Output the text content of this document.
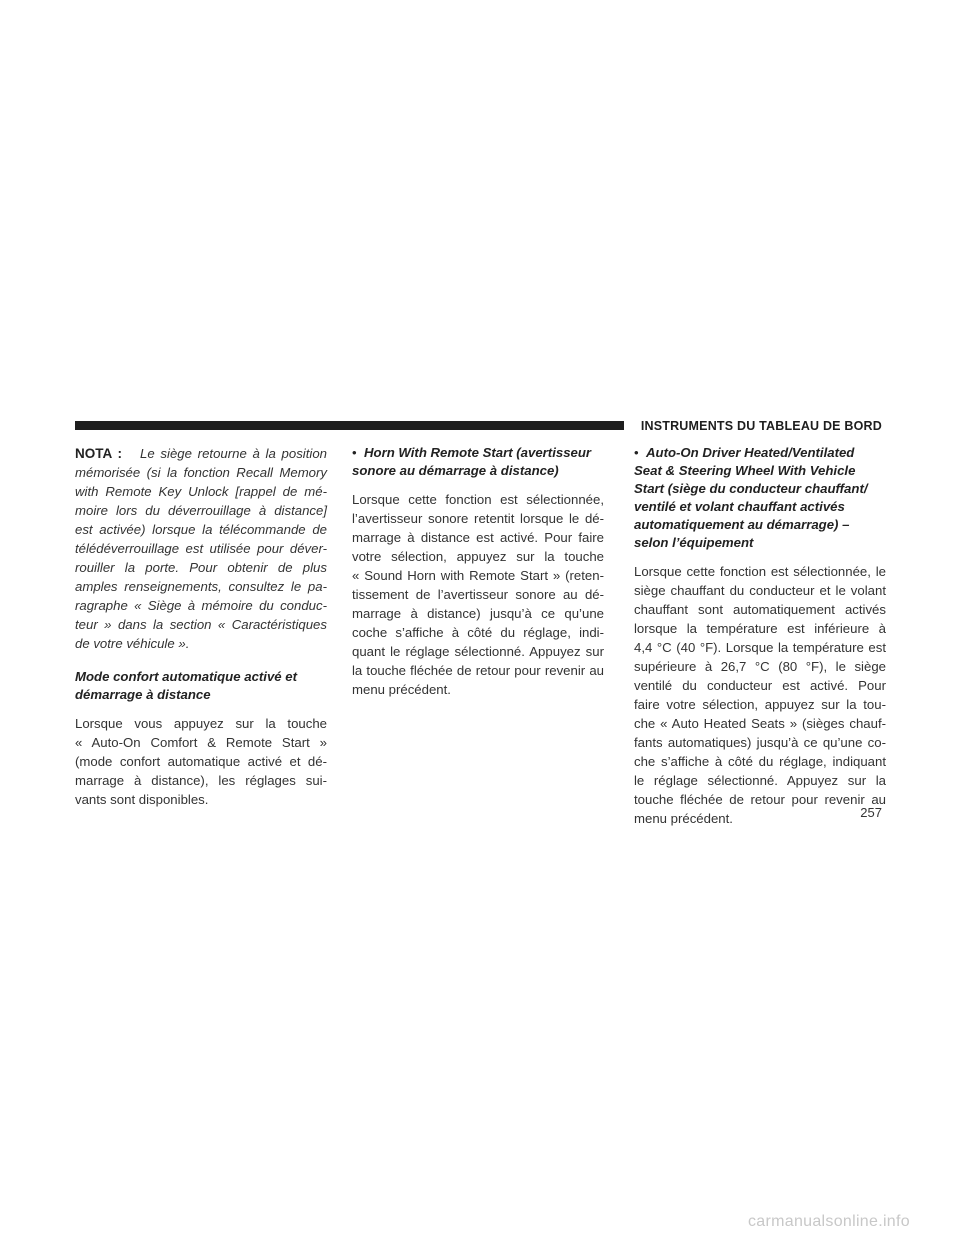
INSTRUMENTS DU TABLEAU DE BORD
NOTA : Le siège retourne à la position
mémorisée (si la fonction Recall Memory
with Remote Key Unlock [rappel de mé-
moire lors du déverrouillage à distance]
est activée) lorsque la télécommande de
télédéverrouillage est utilisée pour déver-
rouiller la porte. Pour obtenir de plus
amples renseignements, consultez le pa-
ragraphe « Siège à mémoire du conduc-
teur » dans la section « Caractéristiques
de votre véhicule ».
Mode confort automatique activé et
démarrage à distance
Lorsque vous appuyez sur la touche
« Auto-On Comfort & Remote Start »
(mode confort automatique activé et dé-
marrage à distance), les réglages sui-
vants sont disponibles.
• Horn With Remote Start (avertisseur
sonore au démarrage à distance)
Lorsque cette fonction est sélectionnée,
l’avertisseur sonore retentit lorsque le dé-
marrage à distance est activé. Pour faire
votre sélection, appuyez sur la touche
« Sound Horn with Remote Start » (reten-
tissement de l’avertisseur sonore au dé-
marrage à distance) jusqu’à ce qu’une
coche s’affiche à côté du réglage, indi-
quant le réglage sélectionné. Appuyez sur
la touche fléchée de retour pour revenir au
menu précédent.
• Auto-On Driver Heated/Ventilated
Seat & Steering Wheel With Vehicle
Start (siège du conducteur chauffant/
ventilé et volant chauffant activés
automatiquement au démarrage) –
selon l’équipement
Lorsque cette fonction est sélectionnée, le
siège chauffant du conducteur et le volant
chauffant sont automatiquement activés
lorsque la température est inférieure à
4,4 °C (40 °F). Lorsque la température est
supérieure à 26,7 °C (80 °F), le siège
ventilé du conducteur est activé. Pour
faire votre sélection, appuyez sur la tou-
che « Auto Heated Seats » (sièges chauf-
fants automatiques) jusqu’à ce qu’une co-
che s’affiche à côté du réglage, indiquant
le réglage sélectionné. Appuyez sur la
touche fléchée de retour pour revenir au
menu précédent.	257
carmanualsonline.info
